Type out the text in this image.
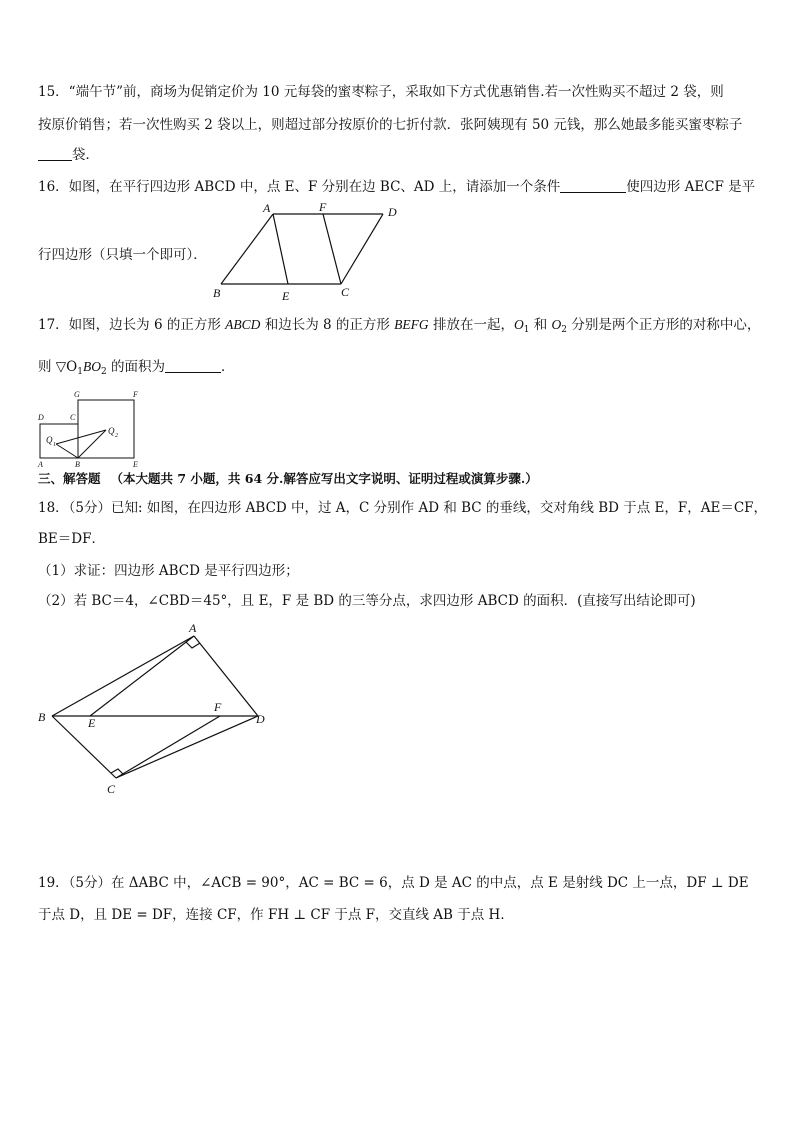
15．“端午节”前，商场为促销定价为 10 元每袋的蜜枣粽子，采取如下方式优惠销售.若一次性购买不超过 2 袋，则
按原价销售；若一次性购买 2 袋以上，则超过部分按原价的七折付款．张阿姨现有 50 元钱，那么她最多能买蜜枣粽子
袋．
16．如图，在平行四边形 ABCD 中，点 E、F 分别在边 BC、AD 上，请添加一个条件	使四边形 AECF 是平
行四边形（只填一个即可）．
A	F	D
B	E	C
17．如图，边长为 6 的正方形 ABCD 和边长为 8 的正方形 BEFG 排放在一起，$O_1$ 和 $O_2$ 分别是两个正方形的对称中心，
则 $▽O_1BO_2$ 的面积为	．
G	F
D	C
Q
Q
A	B	E
1
2
三、解答题 （本大题共 7 小题，共 64 分.解答应写出文字说明、证明过程或演算步骤.）
18．（5分）已知: 如图，在四边形 ABCD 中，过 A，C 分别作 AD 和 BC 的垂线，交对角线 BD 于点 E，F，AE＝CF，
BE＝DF．
（1）求证：四边形 ABCD 是平行四边形；
（2）若 BC＝4，∠CBD＝45°，且 E，F 是 BD 的三等分点，求四边形 ABCD 的面积．(直接写出结论即可)
A
B	E
F
D
C
19．（5分）在 ΔABC 中，∠ACB = 90°，AC = BC = 6，点 D 是 AC 的中点，点 E 是射线 DC 上一点，DF ⊥ DE
于点 D，且 DE = DF，连接 CF，作 FH ⊥ CF 于点 F，交直线 AB 于点 H．
